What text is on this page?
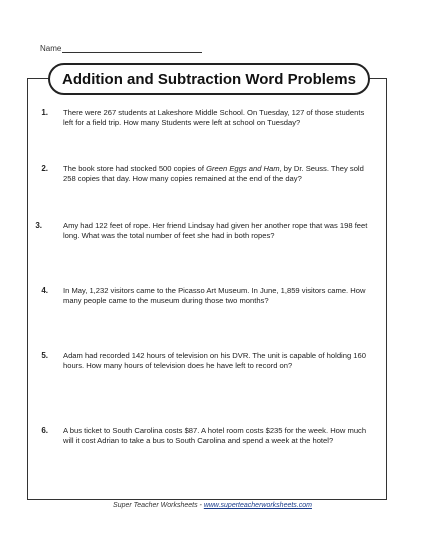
Name
Addition and Subtraction Word Problems
1. There were 267 students at Lakeshore Middle School. On Tuesday, 127 of those students left for a field trip. How many Students were left at school on Tuesday?
2. The book store had stocked 500 copies of Green Eggs and Ham, by Dr. Seuss. They sold 258 copies that day. How many copies remained at the end of the day?
3.	Amy had 122 feet of rope. Her friend Lindsay had given her another rope that was 198 feet long. What was the total number of feet she had in both ropes?
4. In May, 1,232 visitors came to the Picasso Art Museum. In June, 1,859 visitors came. How many people came to the museum during those two months?
5. Adam had recorded 142 hours of television on his DVR. The unit is capable of holding 160 hours. How many hours of television does he have left to record on?
6. A bus ticket to South Carolina costs $87. A hotel room costs $235 for the week. How much will it cost Adrian to take a bus to South Carolina and spend a week at the hotel?
Super Teacher Worksheets - www.superteacherworksheets.com
